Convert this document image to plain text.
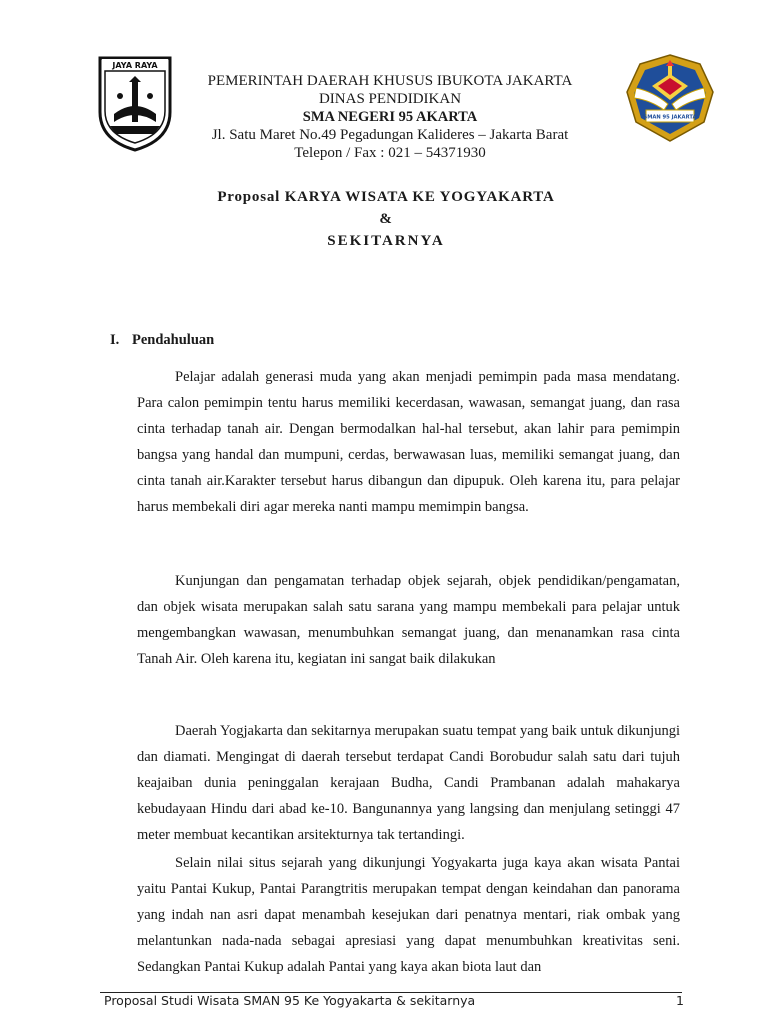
JAYA RAYA
PEMERINTAH DAERAH KHUSUS IBUKOTA JAKARTA
DINAS PENDIDIKAN
SMA NEGERI 95 AKARTA
Jl. Satu Maret No.49 Pegadungan Kalideres – Jakarta Barat
Telepon / Fax : 021 – 54371930
SMAN 95 JAKARTA
Proposal KARYA WISATA KE YOGYAKARTA
&
SEKITARNYA
I. Pendahuluan
Pelajar adalah generasi muda yang akan menjadi pemimpin pada masa mendatang. Para calon pemimpin tentu harus memiliki kecerdasan, wawasan, semangat juang, dan rasa cinta terhadap tanah air. Dengan bermodalkan hal-hal tersebut, akan lahir para pemimpin bangsa yang handal dan mumpuni, cerdas, berwawasan luas, memiliki semangat juang, dan cinta tanah air.Karakter tersebut harus dibangun dan dipupuk. Oleh karena itu, para pelajar harus membekali diri agar mereka nanti mampu memimpin bangsa.
Kunjungan dan pengamatan terhadap objek sejarah, objek pendidikan/pengamatan, dan objek wisata merupakan salah satu sarana yang mampu membekali para pelajar untuk mengembangkan wawasan, menumbuhkan semangat juang, dan menanamkan rasa cinta Tanah Air. Oleh karena itu, kegiatan ini sangat baik dilakukan
Daerah Yogjakarta dan sekitarnya merupakan suatu tempat yang baik untuk dikunjungi dan diamati. Mengingat di daerah tersebut terdapat Candi Borobudur salah satu dari tujuh keajaiban dunia peninggalan kerajaan Budha, Candi Prambanan adalah mahakarya kebudayaan Hindu dari abad ke-10. Bangunannya yang langsing dan menjulang setinggi 47 meter membuat kecantikan arsitekturnya tak tertandingi.
Selain nilai situs sejarah yang dikunjungi Yogyakarta juga kaya akan wisata Pantai yaitu Pantai Kukup, Pantai Parangtritis merupakan tempat dengan keindahan dan panorama yang indah nan asri dapat menambah kesejukan dari penatnya mentari, riak ombak yang melantunkan nada-nada sebagai apresiasi yang dapat menumbuhkan kreativitas seni. Sedangkan Pantai Kukup adalah Pantai yang kaya akan biota laut dan
Proposal Studi Wisata SMAN 95 Ke Yogyakarta & sekitarnya	1
